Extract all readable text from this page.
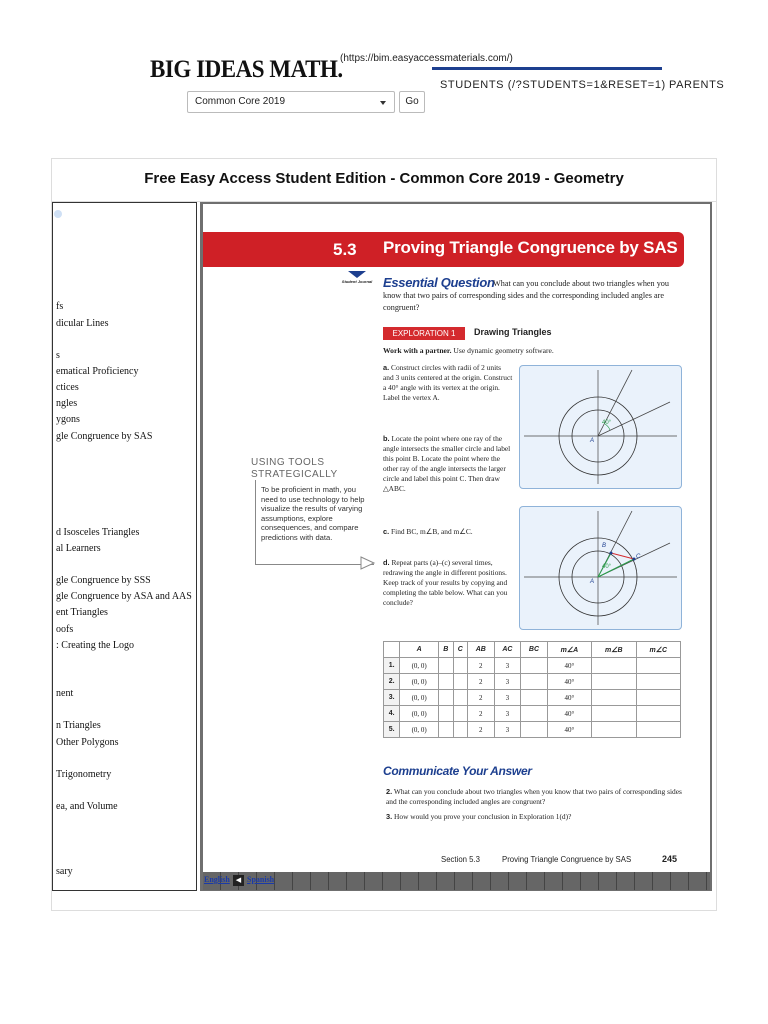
BIG IDEAS MATH.
(https://bim.easyaccessmaterials.com/)
STUDENTS (/?STUDENTS=1&RESET=1) PARENTS
Common Core 2019	Go
Free Easy Access Student Edition - Common Core 2019 - Geometry
fs
dicular Lines
s
ematical Proficiency
ctices
ngles
ygons
gle Congruence by SAS
d Isosceles Triangles
al Learners
gle Congruence by SSS
gle Congruence by ASA and AAS
ent Triangles
oofs
: Creating the Logo
nent
n Triangles
Other Polygons
Trigonometry
ea, and Volume
sary
5.3 Proving Triangle Congruence by SAS
Student Journal Essential Question
What can you conclude about two triangles when you know that two pairs of corresponding sides and the corresponding included angles are congruent?
EXPLORATION 1	Drawing Triangles
Work with a partner. Use dynamic geometry software.
a. Construct circles with radii of 2 units and 3 units centered at the origin. Construct a 40° angle with its vertex at the origin. Label the vertex A.
b. Locate the point where one ray of the angle intersects the smaller circle and label this point B. Locate the point where the other ray of the angle intersects the larger circle and label this point C. Then draw △ABC.
c. Find BC, m∠B, and m∠C.
d. Repeat parts (a)–(c) several times, redrawing the angle in different positions. Keep track of your results by copying and completing the table below. What can you conclude?
40°
A
40°
A
B
C
USING TOOLS
STRATEGICALLY
To be proficient in math, you need to use technology to help visualize the results of varying assumptions, explore consequences, and compare predictions with data.
	A	B	C	AB	AC	BC	m∠A	m∠B	m∠C
1.	(0, 0)			2	3		40°		
2.	(0, 0)			2	3		40°		
3.	(0, 0)			2	3		40°		
4.	(0, 0)			2	3		40°		
5.	(0, 0)			2	3		40°		
Communicate Your Answer
2. What can you conclude about two triangles when you know that two pairs of corresponding sides and the corresponding included angles are congruent?
3. How would you prove your conclusion in Exploration 1(d)?
Section 5.3	Proving Triangle Congruence by SAS	245
English ◀ Spanish
